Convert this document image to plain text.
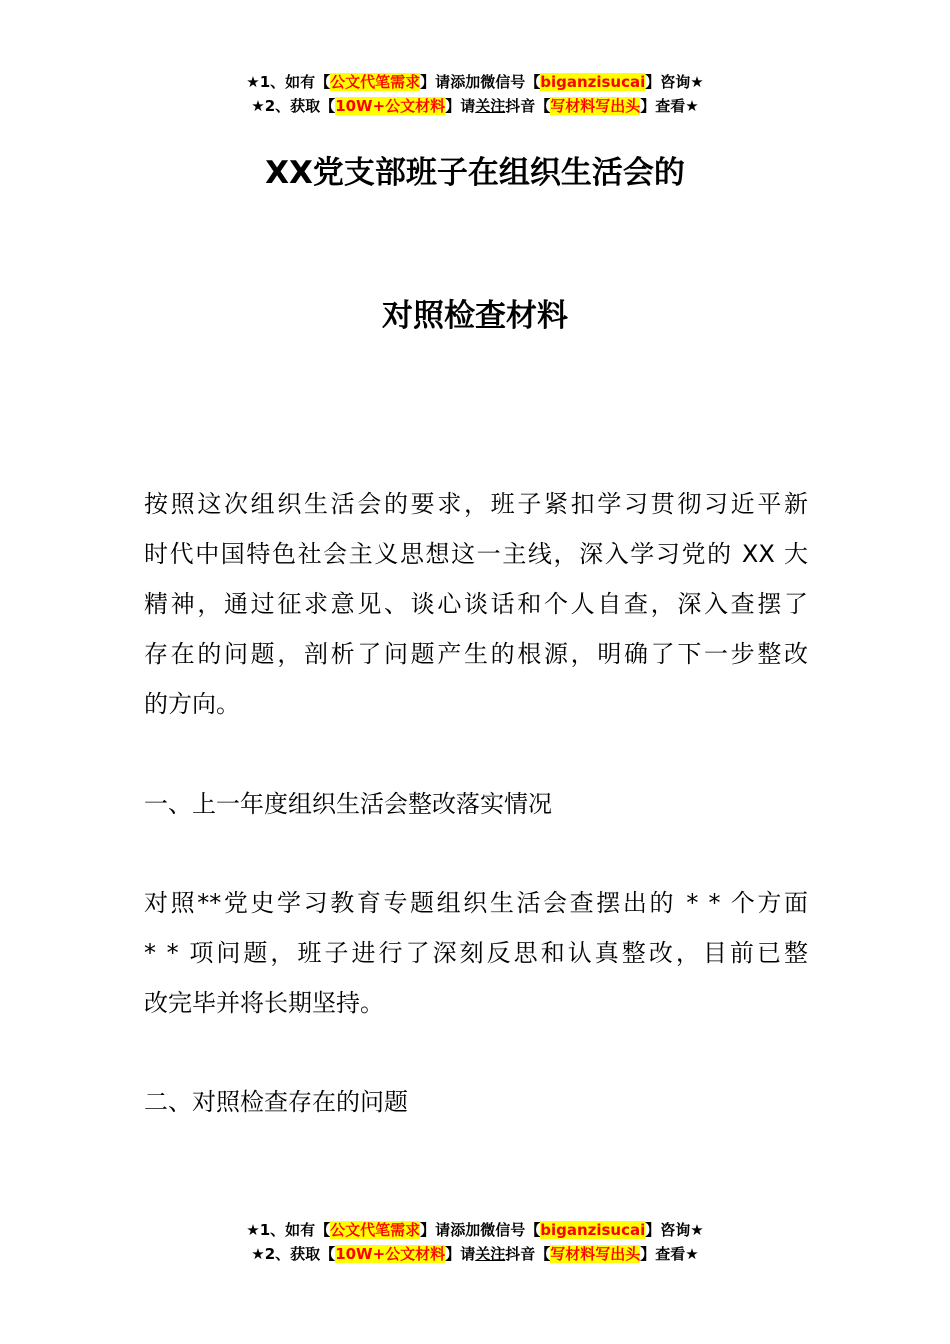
★1、如有【公文代笔需求】请添加微信号【biganzisucai】咨询★
★2、获取【10W+公文材料】请关注抖音【写材料写出头】查看★
XX党支部班子在组织生活会的
对照检查材料
按照这次组织生活会的要求，班子紧扣学习贯彻习近平新
时代中国特色社会主义思想这一主线，深入学习党的 XX 大
精神，通过征求意见、谈心谈话和个人自查，深入查摆了
存在的问题，剖析了问题产生的根源，明确了下一步整改
的方向。
一、上一年度组织生活会整改落实情况
对照**党史学习教育专题组织生活会查摆出的 * * 个方面
* * 项问题，班子进行了深刻反思和认真整改，目前已整
改完毕并将长期坚持。
二、对照检查存在的问题
★1、如有【公文代笔需求】请添加微信号【biganzisucai】咨询★
★2、获取【10W+公文材料】请关注抖音【写材料写出头】查看★
